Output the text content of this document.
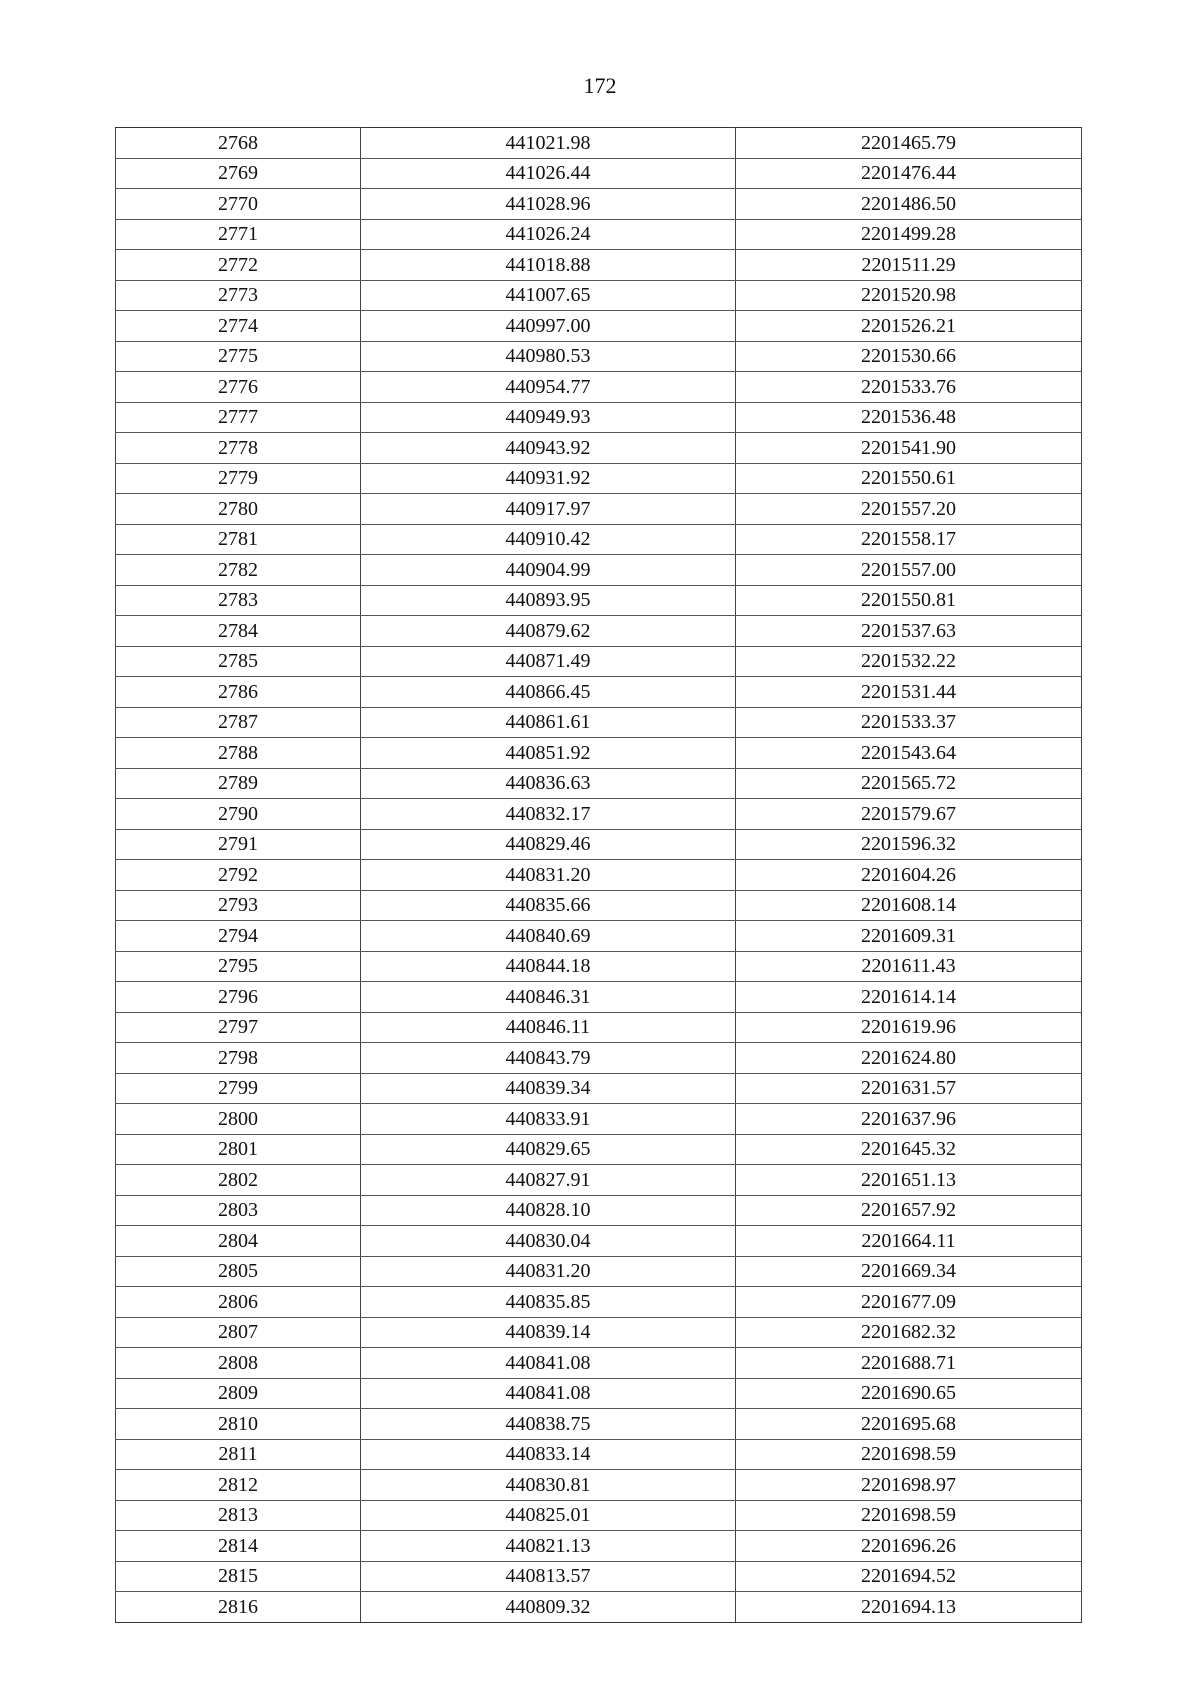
172
2768	441021.98	2201465.79
2769	441026.44	2201476.44
2770	441028.96	2201486.50
2771	441026.24	2201499.28
2772	441018.88	2201511.29
2773	441007.65	2201520.98
2774	440997.00	2201526.21
2775	440980.53	2201530.66
2776	440954.77	2201533.76
2777	440949.93	2201536.48
2778	440943.92	2201541.90
2779	440931.92	2201550.61
2780	440917.97	2201557.20
2781	440910.42	2201558.17
2782	440904.99	2201557.00
2783	440893.95	2201550.81
2784	440879.62	2201537.63
2785	440871.49	2201532.22
2786	440866.45	2201531.44
2787	440861.61	2201533.37
2788	440851.92	2201543.64
2789	440836.63	2201565.72
2790	440832.17	2201579.67
2791	440829.46	2201596.32
2792	440831.20	2201604.26
2793	440835.66	2201608.14
2794	440840.69	2201609.31
2795	440844.18	2201611.43
2796	440846.31	2201614.14
2797	440846.11	2201619.96
2798	440843.79	2201624.80
2799	440839.34	2201631.57
2800	440833.91	2201637.96
2801	440829.65	2201645.32
2802	440827.91	2201651.13
2803	440828.10	2201657.92
2804	440830.04	2201664.11
2805	440831.20	2201669.34
2806	440835.85	2201677.09
2807	440839.14	2201682.32
2808	440841.08	2201688.71
2809	440841.08	2201690.65
2810	440838.75	2201695.68
2811	440833.14	2201698.59
2812	440830.81	2201698.97
2813	440825.01	2201698.59
2814	440821.13	2201696.26
2815	440813.57	2201694.52
2816	440809.32	2201694.13
